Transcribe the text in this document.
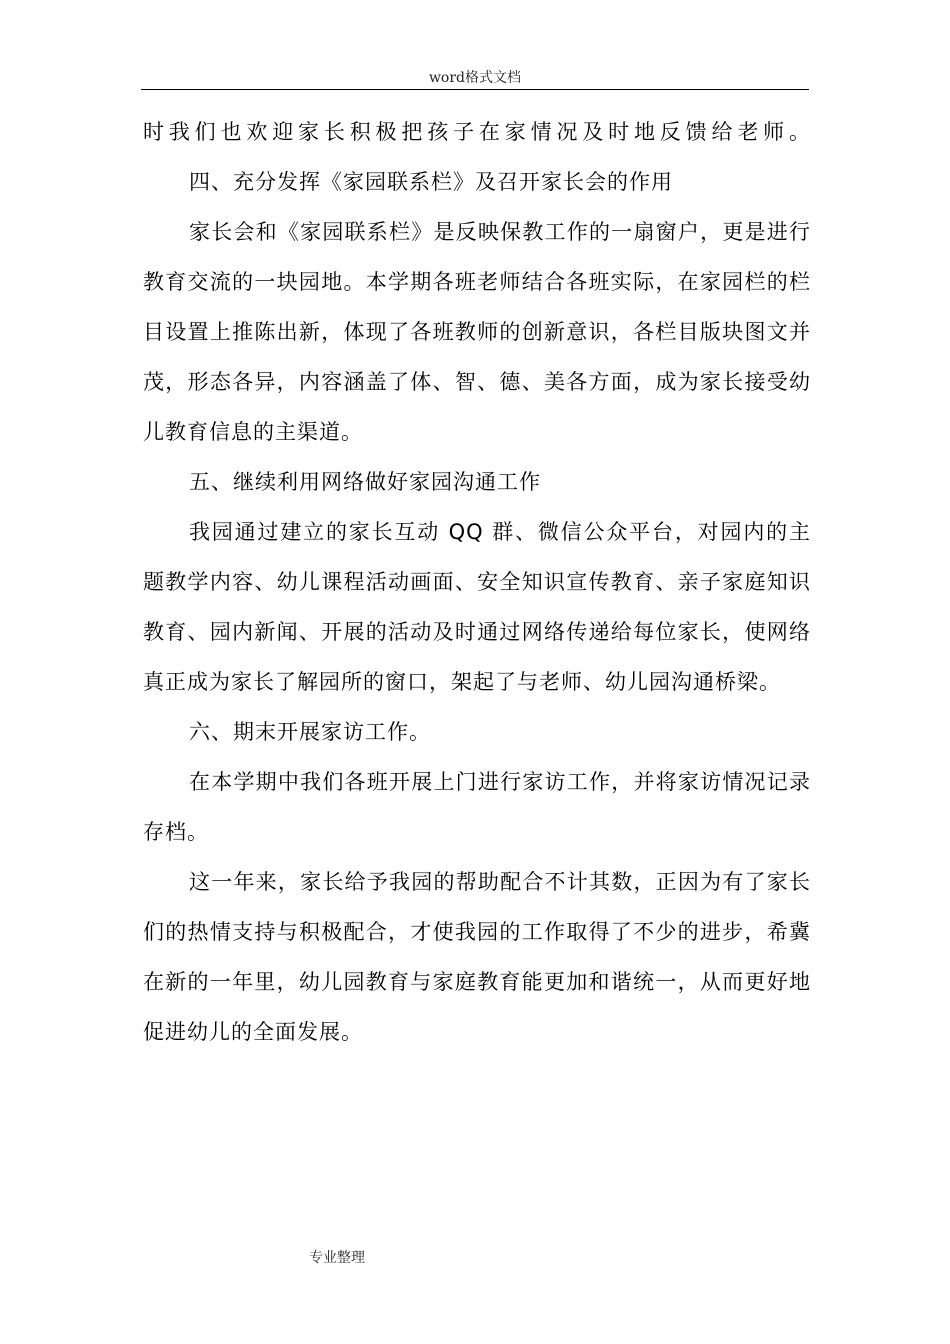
word格式文档
时我们也欢迎家长积极把孩子在家情况及时地反馈给老师。
四、充分发挥《家园联系栏》及召开家长会的作用
家长会和《家园联系栏》是反映保教工作的一扇窗户，更是进行
教育交流的一块园地。本学期各班老师结合各班实际，在家园栏的栏
目设置上推陈出新，体现了各班教师的创新意识，各栏目版块图文并
茂，形态各异，内容涵盖了体、智、德、美各方面，成为家长接受幼
儿教育信息的主渠道。
五、继续利用网络做好家园沟通工作
我园通过建立的家长互动 QQ 群、微信公众平台，对园内的主
题教学内容、幼儿课程活动画面、安全知识宣传教育、亲子家庭知识
教育、园内新闻、开展的活动及时通过网络传递给每位家长，使网络
真正成为家长了解园所的窗口，架起了与老师、幼儿园沟通桥梁。
六、期末开展家访工作。
在本学期中我们各班开展上门进行家访工作，并将家访情况记录
存档。
这一年来，家长给予我园的帮助配合不计其数，正因为有了家长
们的热情支持与积极配合，才使我园的工作取得了不少的进步，希冀
在新的一年里，幼儿园教育与家庭教育能更加和谐统一，从而更好地
促进幼儿的全面发展。
专业整理
